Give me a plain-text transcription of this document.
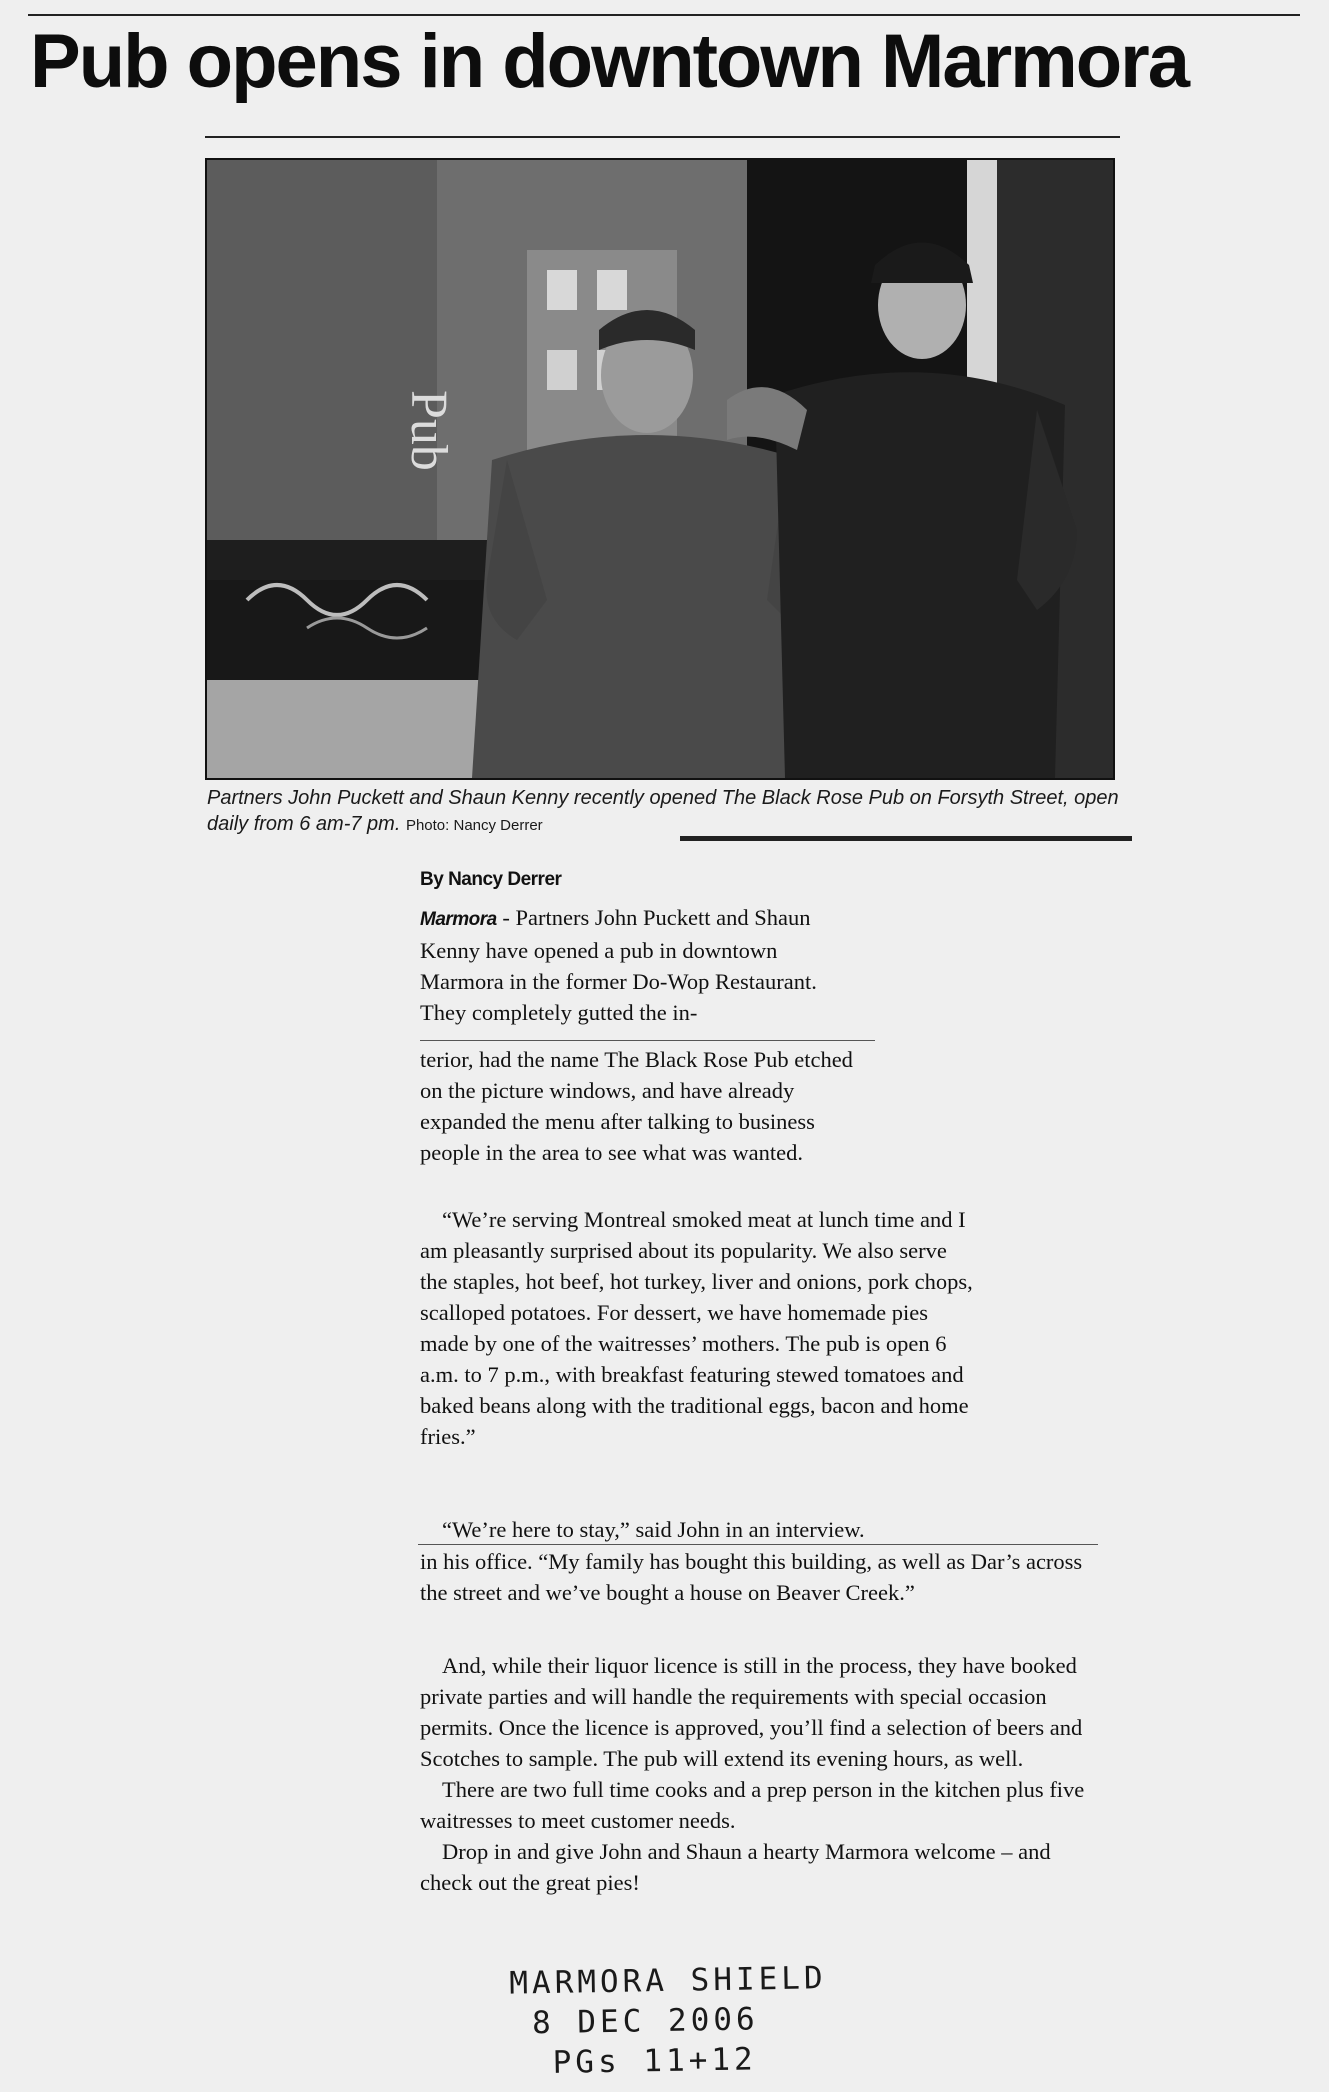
Pub opens in downtown Marmora
Pub

Partners John Puckett and Shaun Kenny recently opened The Black Rose Pub on Forsyth Street, open daily from 6 am-7 pm. Photo: Nancy Derrer

By Nancy Derrer

Marmora - Partners John Puckett and Shaun Kenny have opened a pub in downtown Marmora in the former Do-Wop Restaurant. They completely gutted the in-

terior, had the name The Black Rose Pub etched on the picture windows, and have already expanded the menu after talking to business people in the area to see what was wanted.

“We’re serving Montreal smoked meat at lunch time and I am pleasantly surprised about its popularity. We also serve the staples, hot beef, hot turkey, liver and onions, pork chops, scalloped potatoes. For dessert, we have homemade pies made by one of the waitresses’ mothers. The pub is open 6 a.m. to 7 p.m., with breakfast featuring stewed tomatoes and baked beans along with the traditional eggs, bacon and home fries.”

“We’re here to stay,” said John in an interview.

in his office. “My family has bought this building, as well as Dar’s across the street and we’ve bought a house on Beaver Creek.”

And, while their liquor licence is still in the process, they have booked private parties and will handle the requirements with special occasion permits. Once the licence is approved, you’ll find a selection of beers and Scotches to sample. The pub will extend its evening hours, as well.

There are two full time cooks and a prep person in the kitchen plus five waitresses to meet customer needs.

Drop in and give John and Shaun a hearty Marmora welcome – and check out the great pies!

MARMORA SHIELD
8 DEC 2006
PGs 11+12
